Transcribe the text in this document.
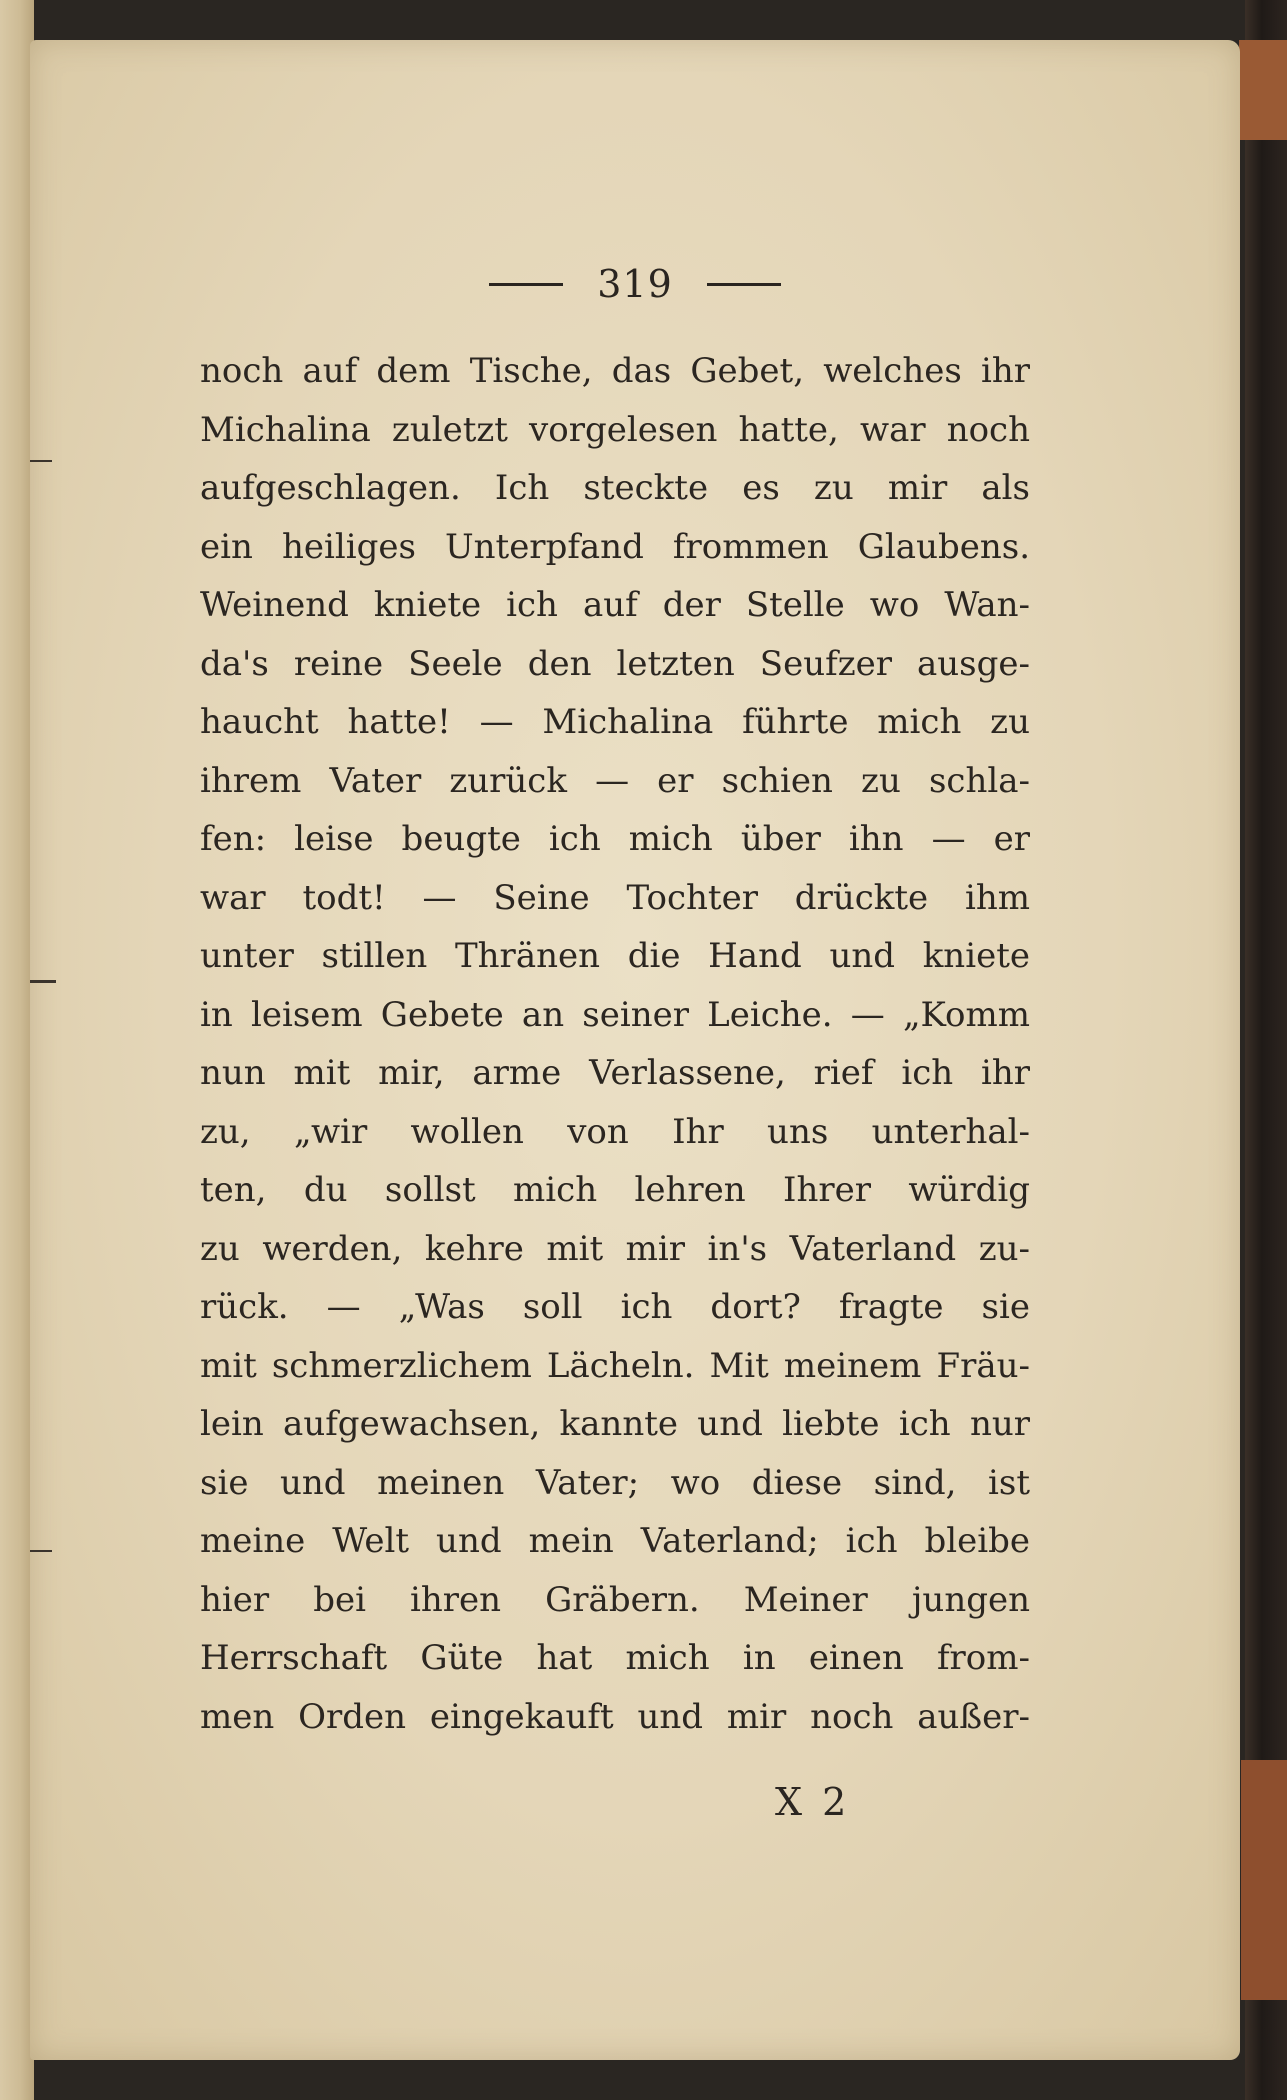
319
noch auf dem Tische, das Gebet, welches ihr
Michalina zuletzt vorgelesen hatte, war noch
aufgeschlagen. Ich steckte es zu mir als
ein heiliges Unterpfand frommen Glaubens.
Weinend kniete ich auf der Stelle wo Wan-
da's reine Seele den letzten Seufzer ausge-
haucht hatte! — Michalina führte mich zu
ihrem Vater zurück — er schien zu schla-
fen: leise beugte ich mich über ihn — er
war todt! — Seine Tochter drückte ihm
unter stillen Thränen die Hand und kniete
in leisem Gebete an seiner Leiche. — „Komm
nun mit mir, arme Verlassene, rief ich ihr
zu, „wir wollen von Ihr uns unterhal-
ten, du sollst mich lehren Ihrer würdig
zu werden, kehre mit mir in's Vaterland zu-
rück. — „Was soll ich dort? fragte sie
mit schmerzlichem Lächeln. Mit meinem Fräu-
lein aufgewachsen, kannte und liebte ich nur
sie und meinen Vater; wo diese sind, ist
meine Welt und mein Vaterland; ich bleibe
hier bei ihren Gräbern. Meiner jungen
Herrschaft Güte hat mich in einen from-
men Orden eingekauft und mir noch außer-
X 2
